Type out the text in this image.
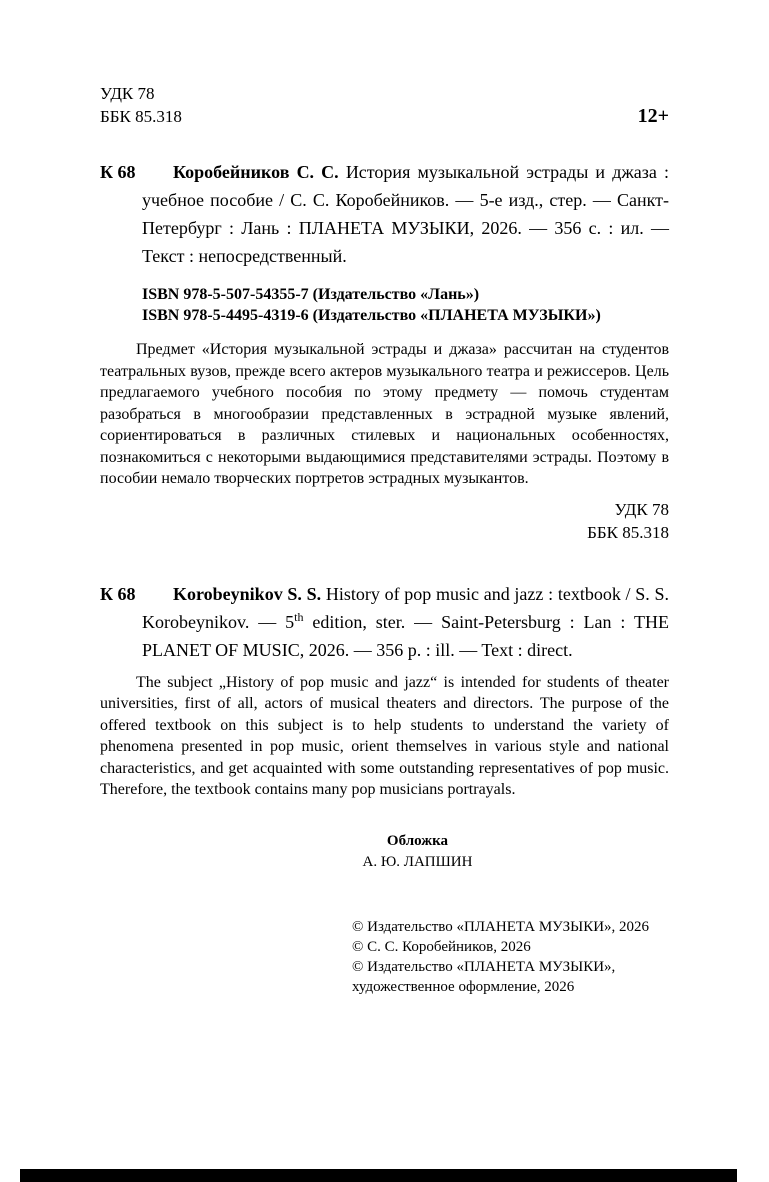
УДК 78
ББК 85.318	12+
К 68	Коробейников С. С. История музыкальной эстрады и джаза : учебное пособие / С. С. Коробейников. — 5-е изд., стер. — Санкт-Петербург : Лань : ПЛАНЕТА МУЗЫКИ, 2026. — 356 с. : ил. — Текст : непосредственный.

ISBN 978-5-507-54355-7 (Издательство «Лань»)
ISBN 978-5-4495-4319-6 (Издательство «ПЛАНЕТА МУЗЫКИ»)

Предмет «История музыкальной эстрады и джаза» рассчитан на студентов театральных вузов, прежде всего актеров музыкального театра и режиссеров. Цель предлагаемого учебного пособия по этому предмету — помочь студентам разобраться в многообразии представленных в эстрадной музыке явлений, сориентироваться в различных стилевых и национальных особенностях, познакомиться с некоторыми выдающимися представителями эстрады. Поэтому в пособии немало творческих портретов эстрадных музыкантов.

УДК 78
ББК 85.318
К 68	Korobeynikov S. S. History of pop music and jazz : textbook / S. S. Korobeynikov. — 5th edition, ster. — Saint-Petersburg : Lan : THE PLANET OF MUSIC, 2026. — 356 p. : ill. — Text : direct.

The subject „History of pop music and jazz“ is intended for students of theater universities, first of all, actors of musical theaters and directors. The purpose of the offered textbook on this subject is to help students to understand the variety of phenomena presented in pop music, orient themselves in various style and national characteristics, and get acquainted with some outstanding representatives of pop music. Therefore, the textbook contains many pop musicians portrayals.

Обложка
А. Ю. ЛАПШИН
© Издательство «ПЛАНЕТА МУЗЫКИ», 2026
© С. С. Коробейников, 2026
© Издательство «ПЛАНЕТА МУЗЫКИ»,
художественное оформление, 2026
